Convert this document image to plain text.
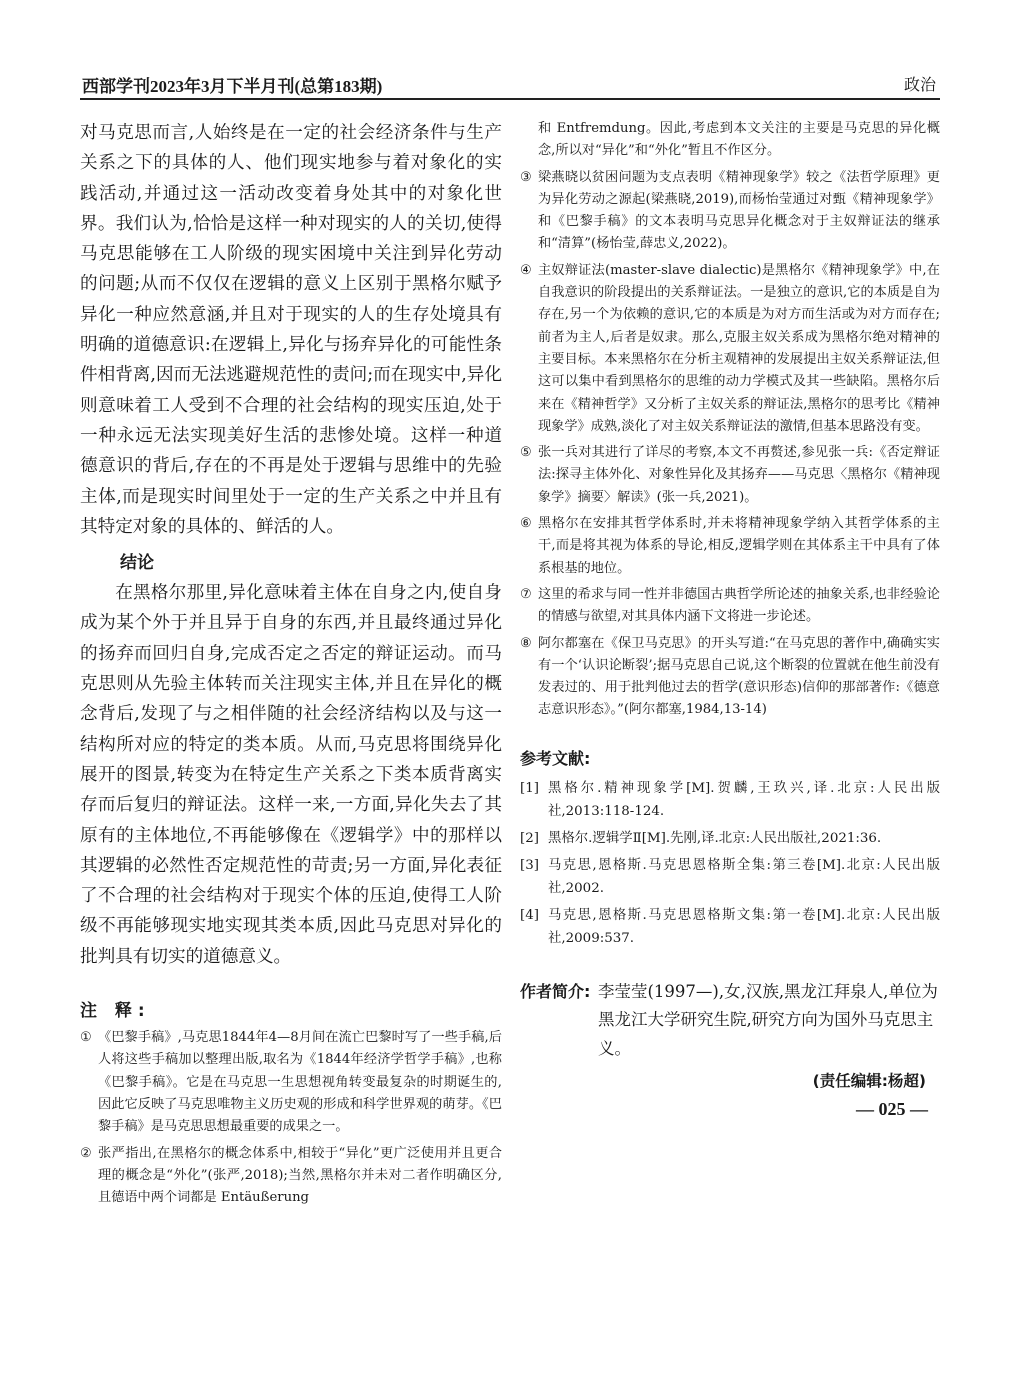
西部学刊2023年3月下半月刊(总第183期)	政治

对马克思而言,人始终是在一定的社会经济条件与生产关系之下的具体的人、他们现实地参与着对象化的实践活动,并通过这一活动改变着身处其中的对象化世界。我们认为,恰恰是这样一种对现实的人的关切,使得马克思能够在工人阶级的现实困境中关注到异化劳动的问题;从而不仅仅在逻辑的意义上区别于黑格尔赋予异化一种应然意涵,并且对于现实的人的生存处境具有明确的道德意识:在逻辑上,异化与扬弃异化的可能性条件相背离,因而无法逃避规范性的责问;而在现实中,异化则意味着工人受到不合理的社会结构的现实压迫,处于一种永远无法实现美好生活的悲惨处境。这样一种道德意识的背后,存在的不再是处于逻辑与思维中的先验主体,而是现实时间里处于一定的生产关系之中并且有其特定对象的具体的、鲜活的人。

结论

在黑格尔那里,异化意味着主体在自身之内,使自身成为某个外于并且异于自身的东西,并且最终通过异化的扬弃而回归自身,完成否定之否定的辩证运动。而马克思则从先验主体转而关注现实主体,并且在异化的概念背后,发现了与之相伴随的社会经济结构以及与这一结构所对应的特定的类本质。从而,马克思将围绕异化展开的图景,转变为在特定生产关系之下类本质背离实存而后复归的辩证法。这样一来,一方面,异化失去了其原有的主体地位,不再能够像在《逻辑学》中的那样以其逻辑的必然性否定规范性的苛责;另一方面,异化表征了不合理的社会结构对于现实个体的压迫,使得工人阶级不再能够现实地实现其类本质,因此马克思对异化的批判具有切实的道德意义。

注 释:

① 《巴黎手稿》,马克思1844年4—8月间在流亡巴黎时写了一些手稿,后人将这些手稿加以整理出版,取名为《1844年经济学哲学手稿》,也称《巴黎手稿》。它是在马克思一生思想视角转变最复杂的时期诞生的,因此它反映了马克思唯物主义历史观的形成和科学世界观的萌芽。《巴黎手稿》是马克思思想最重要的成果之一。

② 张严指出,在黑格尔的概念体系中,相较于“异化”更广泛使用并且更合理的概念是“外化”(张严,2018);当然,黑格尔并未对二者作明确区分,且德语中两个词都是 Entäußerung

和 Entfremdung。因此,考虑到本文关注的主要是马克思的异化概念,所以对“异化”和“外化”暂且不作区分。

③ 梁燕晓以贫困问题为支点表明《精神现象学》较之《法哲学原理》更为异化劳动之源起(梁燕晓,2019),而杨怡莹通过对甄《精神现象学》和《巴黎手稿》的文本表明马克思异化概念对于主奴辩证法的继承和“清算”(杨怡莹,薛忠义,2022)。

④ 主奴辩证法(master-slave dialectic)是黑格尔《精神现象学》中,在自我意识的阶段提出的关系辩证法。一是独立的意识,它的本质是自为存在,另一个为依赖的意识,它的本质是为对方而生活或为对方而存在;前者为主人,后者是奴隶。那么,克服主奴关系成为黑格尔绝对精神的主要目标。本来黑格尔在分析主观精神的发展提出主奴关系辩证法,但这可以集中看到黑格尔的思维的动力学模式及其一些缺陷。黑格尔后来在《精神哲学》又分析了主奴关系的辩证法,黑格尔的思考比《精神现象学》成熟,淡化了对主奴关系辩证法的激情,但基本思路没有变。

⑤ 张一兵对其进行了详尽的考察,本文不再赘述,参见张一兵:《否定辩证法:探寻主体外化、对象性异化及其扬弃——马克思〈黑格尔《精神现象学》摘要〉解读》(张一兵,2021)。

⑥ 黑格尔在安排其哲学体系时,并未将精神现象学纳入其哲学体系的主干,而是将其视为体系的导论,相反,逻辑学则在其体系主干中具有了体系根基的地位。

⑦ 这里的希求与同一性并非德国古典哲学所论述的抽象关系,也非经验论的情感与欲望,对其具体内涵下文将进一步论述。

⑧ 阿尔都塞在《保卫马克思》的开头写道:“在马克思的著作中,确确实实有一个‘认识论断裂’;据马克思自己说,这个断裂的位置就在他生前没有发表过的、用于批判他过去的哲学(意识形态)信仰的那部著作:《德意志意识形态》。”(阿尔都塞,1984,13-14)

参考文献:

[1] 黑格尔.精神现象学[M].贺麟,王玖兴,译.北京:人民出版社,2013:118-124.

[2] 黑格尔.逻辑学Ⅱ[M].先刚,译.北京:人民出版社,2021:36.

[3] 马克思,恩格斯.马克思恩格斯全集:第三卷[M].北京:人民出版社,2002.

[4] 马克思,恩格斯.马克思恩格斯文集:第一卷[M].北京:人民出版社,2009:537.

作者简介: 李莹莹(1997—),女,汉族,黑龙江拜泉人,单位为黑龙江大学研究生院,研究方向为国外马克思主义。
(责任编辑:杨超)
— 025 —
